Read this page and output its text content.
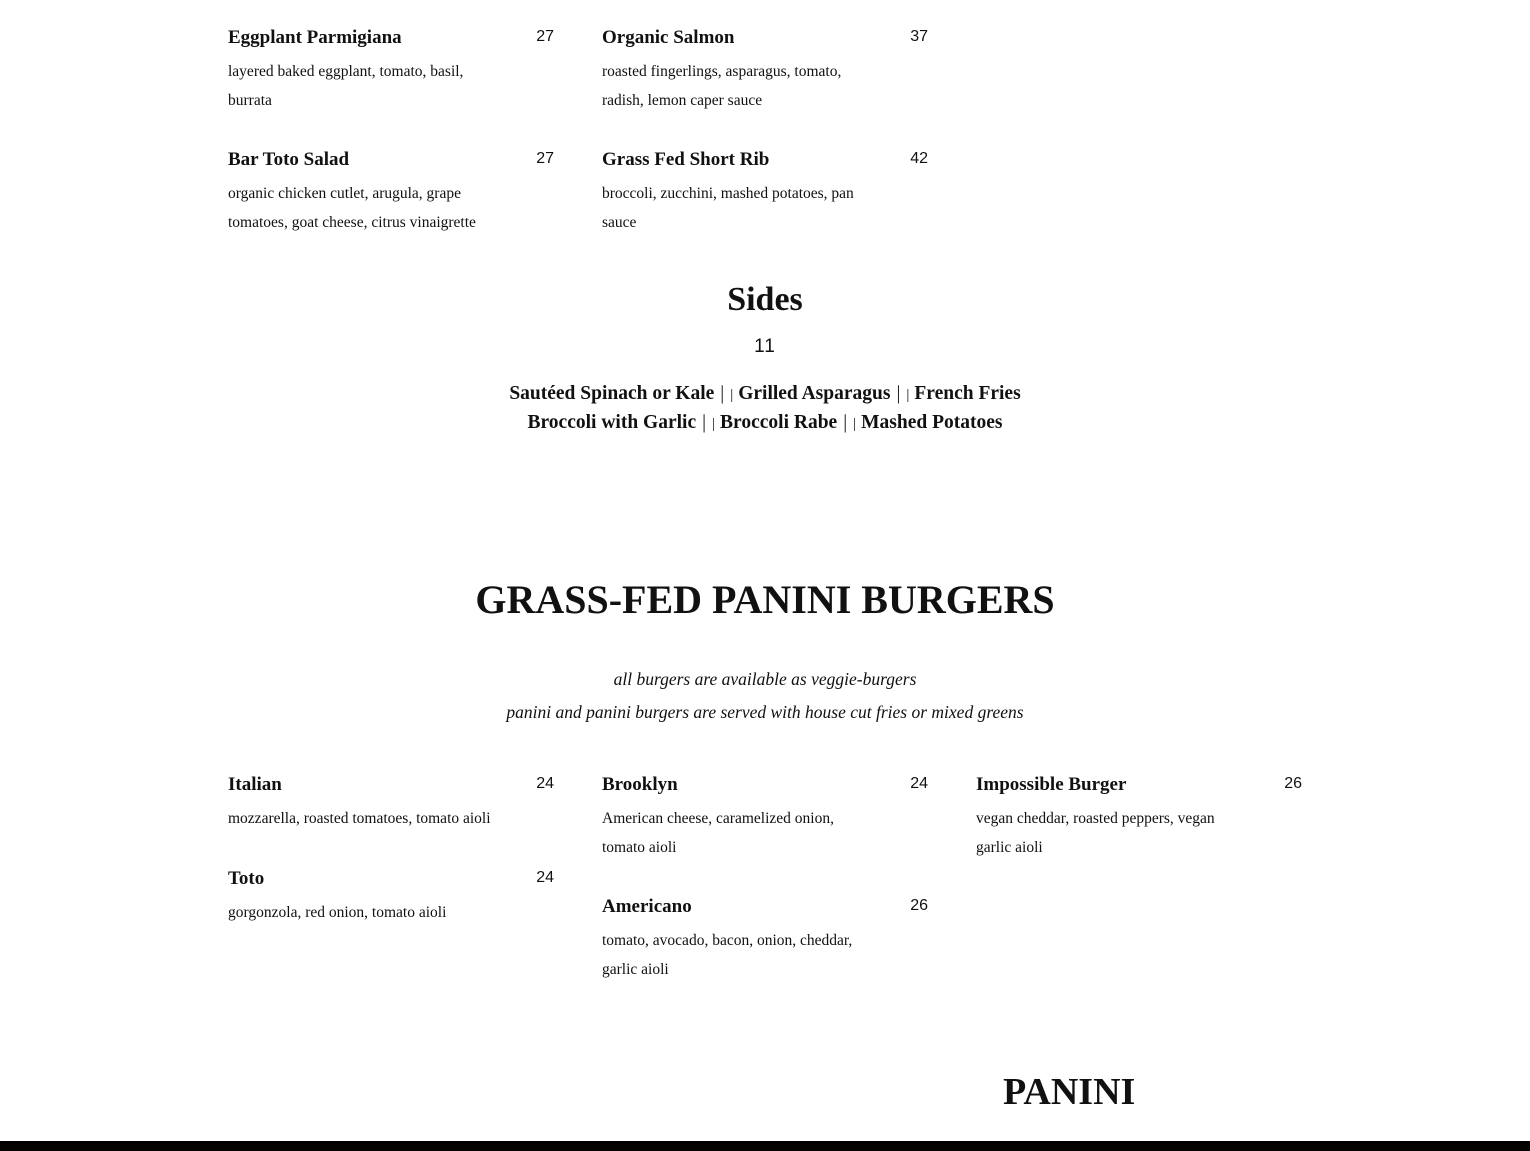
Eggplant Parmigiana	27
layered baked eggplant, tomato, basil, burrata
Organic Salmon	37
roasted fingerlings, asparagus, tomato, radish, lemon caper sauce
Bar Toto Salad	27
organic chicken cutlet, arugula, grape tomatoes, goat cheese, citrus vinaigrette
Grass Fed Short Rib	42
broccoli, zucchini, mashed potatoes, pan sauce
Sides
11
Sautéed Spinach or Kale | | Grilled Asparagus | | French Fries
Broccoli with Garlic | | Broccoli Rabe | | Mashed Potatoes
GRASS-FED PANINI BURGERS
all burgers are available as veggie-burgers
panini and panini burgers are served with house cut fries or mixed greens
Italian	24
mozzarella, roasted tomatoes, tomato aioli
Brooklyn	24
American cheese, caramelized onion, tomato aioli
Impossible Burger	26
vegan cheddar, roasted peppers, vegan garlic aioli
Toto	24
gorgonzola, red onion, tomato aioli	Americano	26
tomato, avocado, bacon, onion, cheddar, garlic aioli
PANINI
